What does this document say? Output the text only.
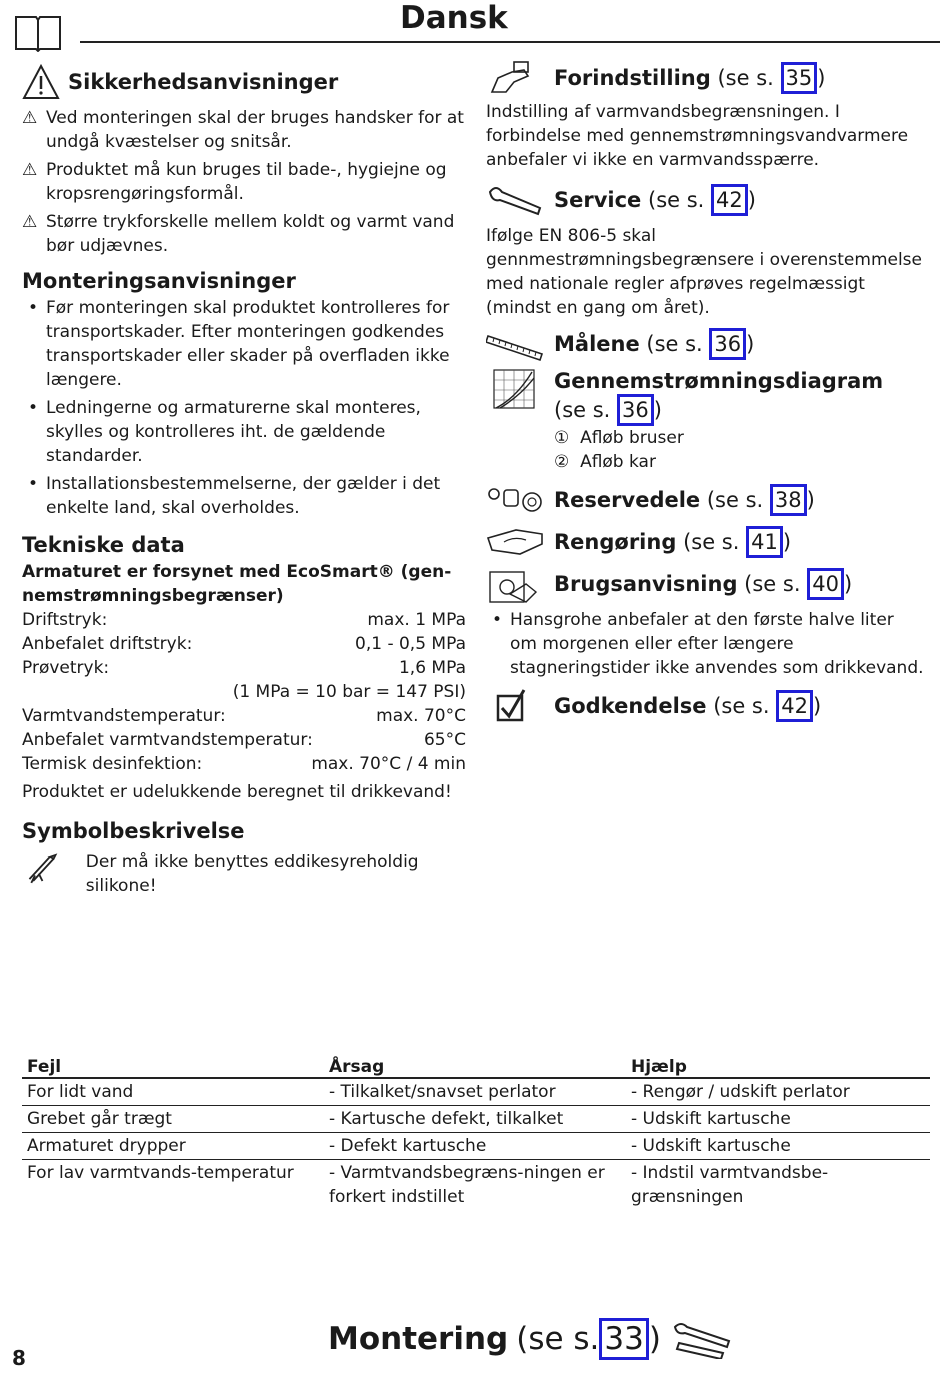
Dansk
Sikkerhedsanvisninger
⚠ Ved monteringen skal der bruges handsker for at undgå kvæstelser og snitsår.
⚠ Produktet må kun bruges til bade-, hygiejne og kropsrengøringsformål.
⚠ Større trykforskelle mellem koldt og varmt vand bør udjævnes.
Monteringsanvisninger
• Før monteringen skal produktet kontrolleres for transportskader. Efter monteringen godkendes transportskader eller skader på overfladen ikke længere.
• Ledningerne og armaturerne skal monteres, skylles og kontrolleres iht. de gældende standarder.
• Installationsbestemmelserne, der gælder i det enkelte land, skal overholdes.
Tekniske data
Armaturet er forsynet med EcoSmart® (gen-nemstrømningsbegrænser)
Driftstryk:	max. 1 MPa
Anbefalet driftstryk:	0,1 - 0,5 MPa
Prøvetryk:	1,6 MPa
(1 MPa = 10 bar = 147 PSI)
Varmtvandstemperatur:	max. 70°C
Anbefalet varmtvandstemperatur:	65°C
Termisk desinfektion:	max. 70°C / 4 min
Produktet er udelukkende beregnet til drikkevand!
Symbolbeskrivelse
Der må ikke benyttes eddikesyreholdig silikone!
Forindstilling (se s. 35 )
Indstilling af varmvandsbegrænsningen. I forbindelse med gennemstrømningsvandvarmere anbefaler vi ikke en varmvandsspærre.
Service (se s. 42 )
Ifølge EN 806-5 skal gennmestrømningsbegrænsere i overenstemmelse med nationale regler afprøves regelmæssigt (mindst en gang om året).
Målene (se s. 36 )
Gennemstrømningsdiagram
(se s. 36 )
① Afløb bruser
② Afløb kar
Reservedele (se s. 38 )
Rengøring (se s. 41 )
Brugsanvisning (se s. 40 )
• Hansgrohe anbefaler at den første halve liter om morgenen eller efter længere stagneringstider ikke anvendes som drikkevand.
Godkendelse (se s. 42 )
Fejl	Årsag	Hjælp
For lidt vand	- Tilkalket/snavset perlator	- Rengør / udskift perlator
Grebet går trægt	- Kartusche defekt, tilkalket	- Udskift kartusche
Armaturet drypper	- Defekt kartusche	- Udskift kartusche
For lav varmtvands-temperatur	- Varmtvandsbegræns-ningen er forkert indstillet	- Indstil varmtvandsbe-grænsningen
8
Montering (se s. 33 )
